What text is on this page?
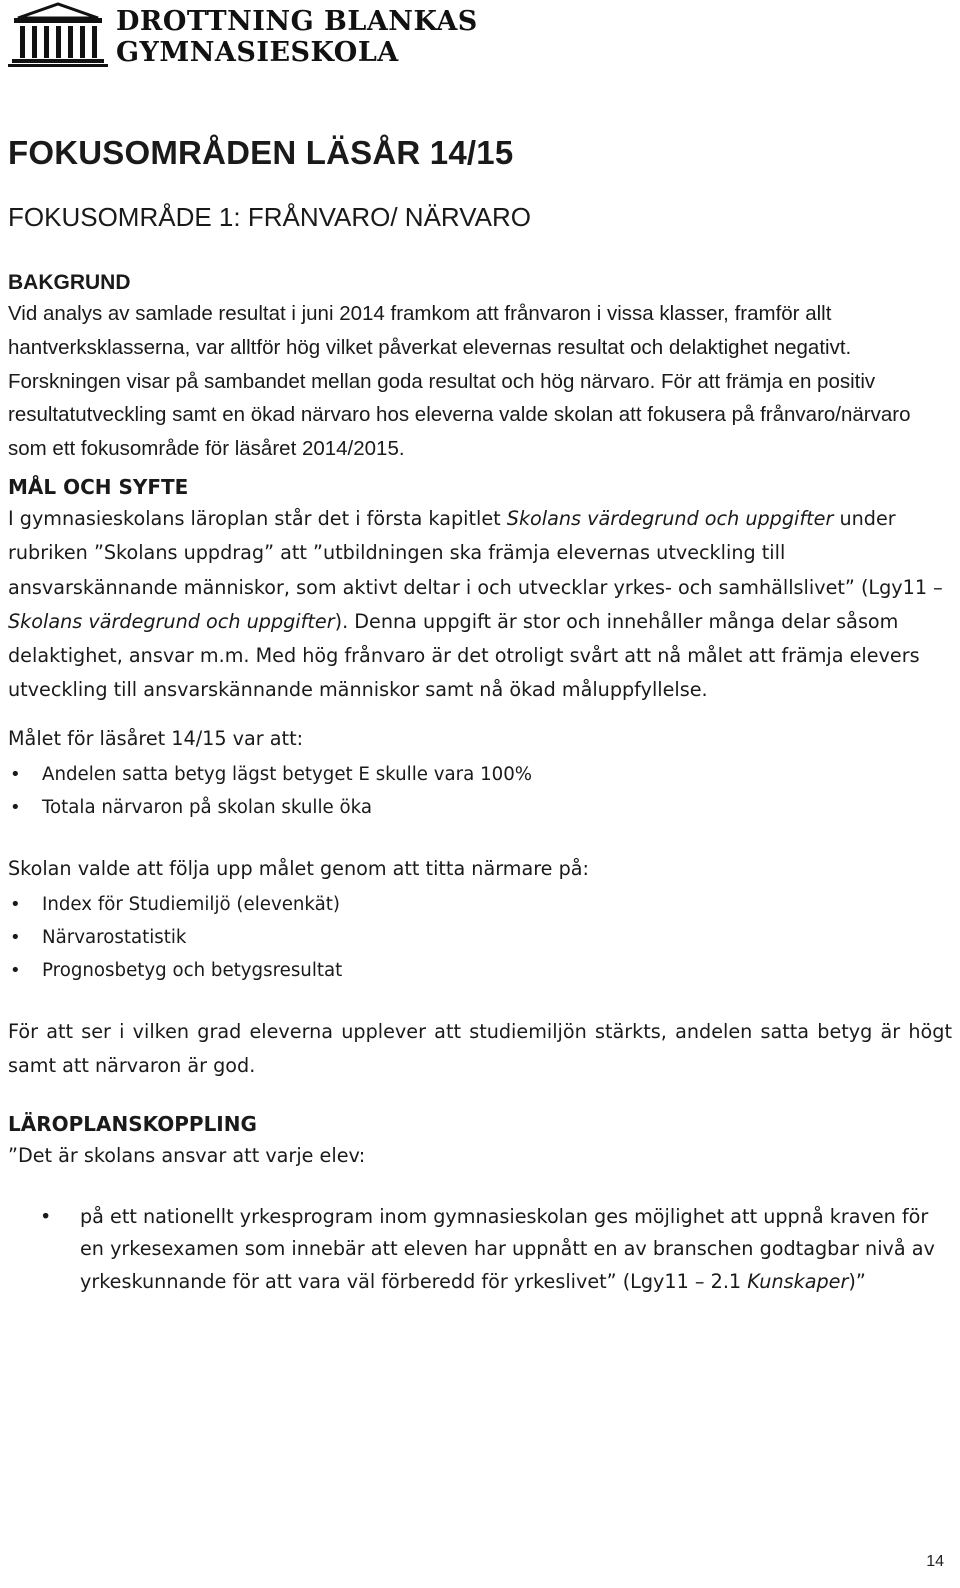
DROTTNING BLANKAS
GYMNASIESKOLA
FOKUSOMRÅDEN LÄSÅR 14/15
FOKUSOMRÅDE 1: FRÅNVARO/ NÄRVARO
BAKGRUND

Vid analys av samlade resultat i juni 2014 framkom att frånvaron i vissa klasser, framför allt hantverksklasserna, var alltför hög vilket påverkat elevernas resultat och delaktighet negativt. Forskningen visar på sambandet mellan goda resultat och hög närvaro. För att främja en positiv resultatutveckling samt en ökad närvaro hos eleverna valde skolan att fokusera på frånvaro/närvaro som ett fokusområde för läsåret 2014/2015.

MÅL OCH SYFTE

I gymnasieskolans läroplan står det i första kapitlet Skolans värdegrund och uppgifter under rubriken ”Skolans uppdrag” att ”utbildningen ska främja elevernas utveckling till ansvarskännande människor, som aktivt deltar i och utvecklar yrkes- och samhällslivet” (Lgy11 – Skolans värdegrund och uppgifter). Denna uppgift är stor och innehåller många delar såsom delaktighet, ansvar m.m. Med hög frånvaro är det otroligt svårt att nå målet att främja elevers utveckling till ansvarskännande människor samt nå ökad måluppfyllelse.

Målet för läsåret 14/15 var att:
• Andelen satta betyg lägst betyget E skulle vara 100%
• Totala närvaron på skolan skulle öka
Skolan valde att följa upp målet genom att titta närmare på:
• Index för Studiemiljö (elevenkät)
• Närvarostatistik
• Prognosbetyg och betygsresultat

För att ser i vilken grad eleverna upplever att studiemiljön stärkts, andelen satta betyg är högt samt att närvaron är god.

LÄROPLANSKOPPLING
”Det är skolans ansvar att varje elev:
• på ett nationellt yrkesprogram inom gymnasieskolan ges möjlighet att uppnå kraven för en yrkesexamen som innebär att eleven har uppnått en av branschen godtagbar nivå av yrkeskunnande för att vara väl förberedd för yrkeslivet” (Lgy11 – 2.1 Kunskaper)”
14
